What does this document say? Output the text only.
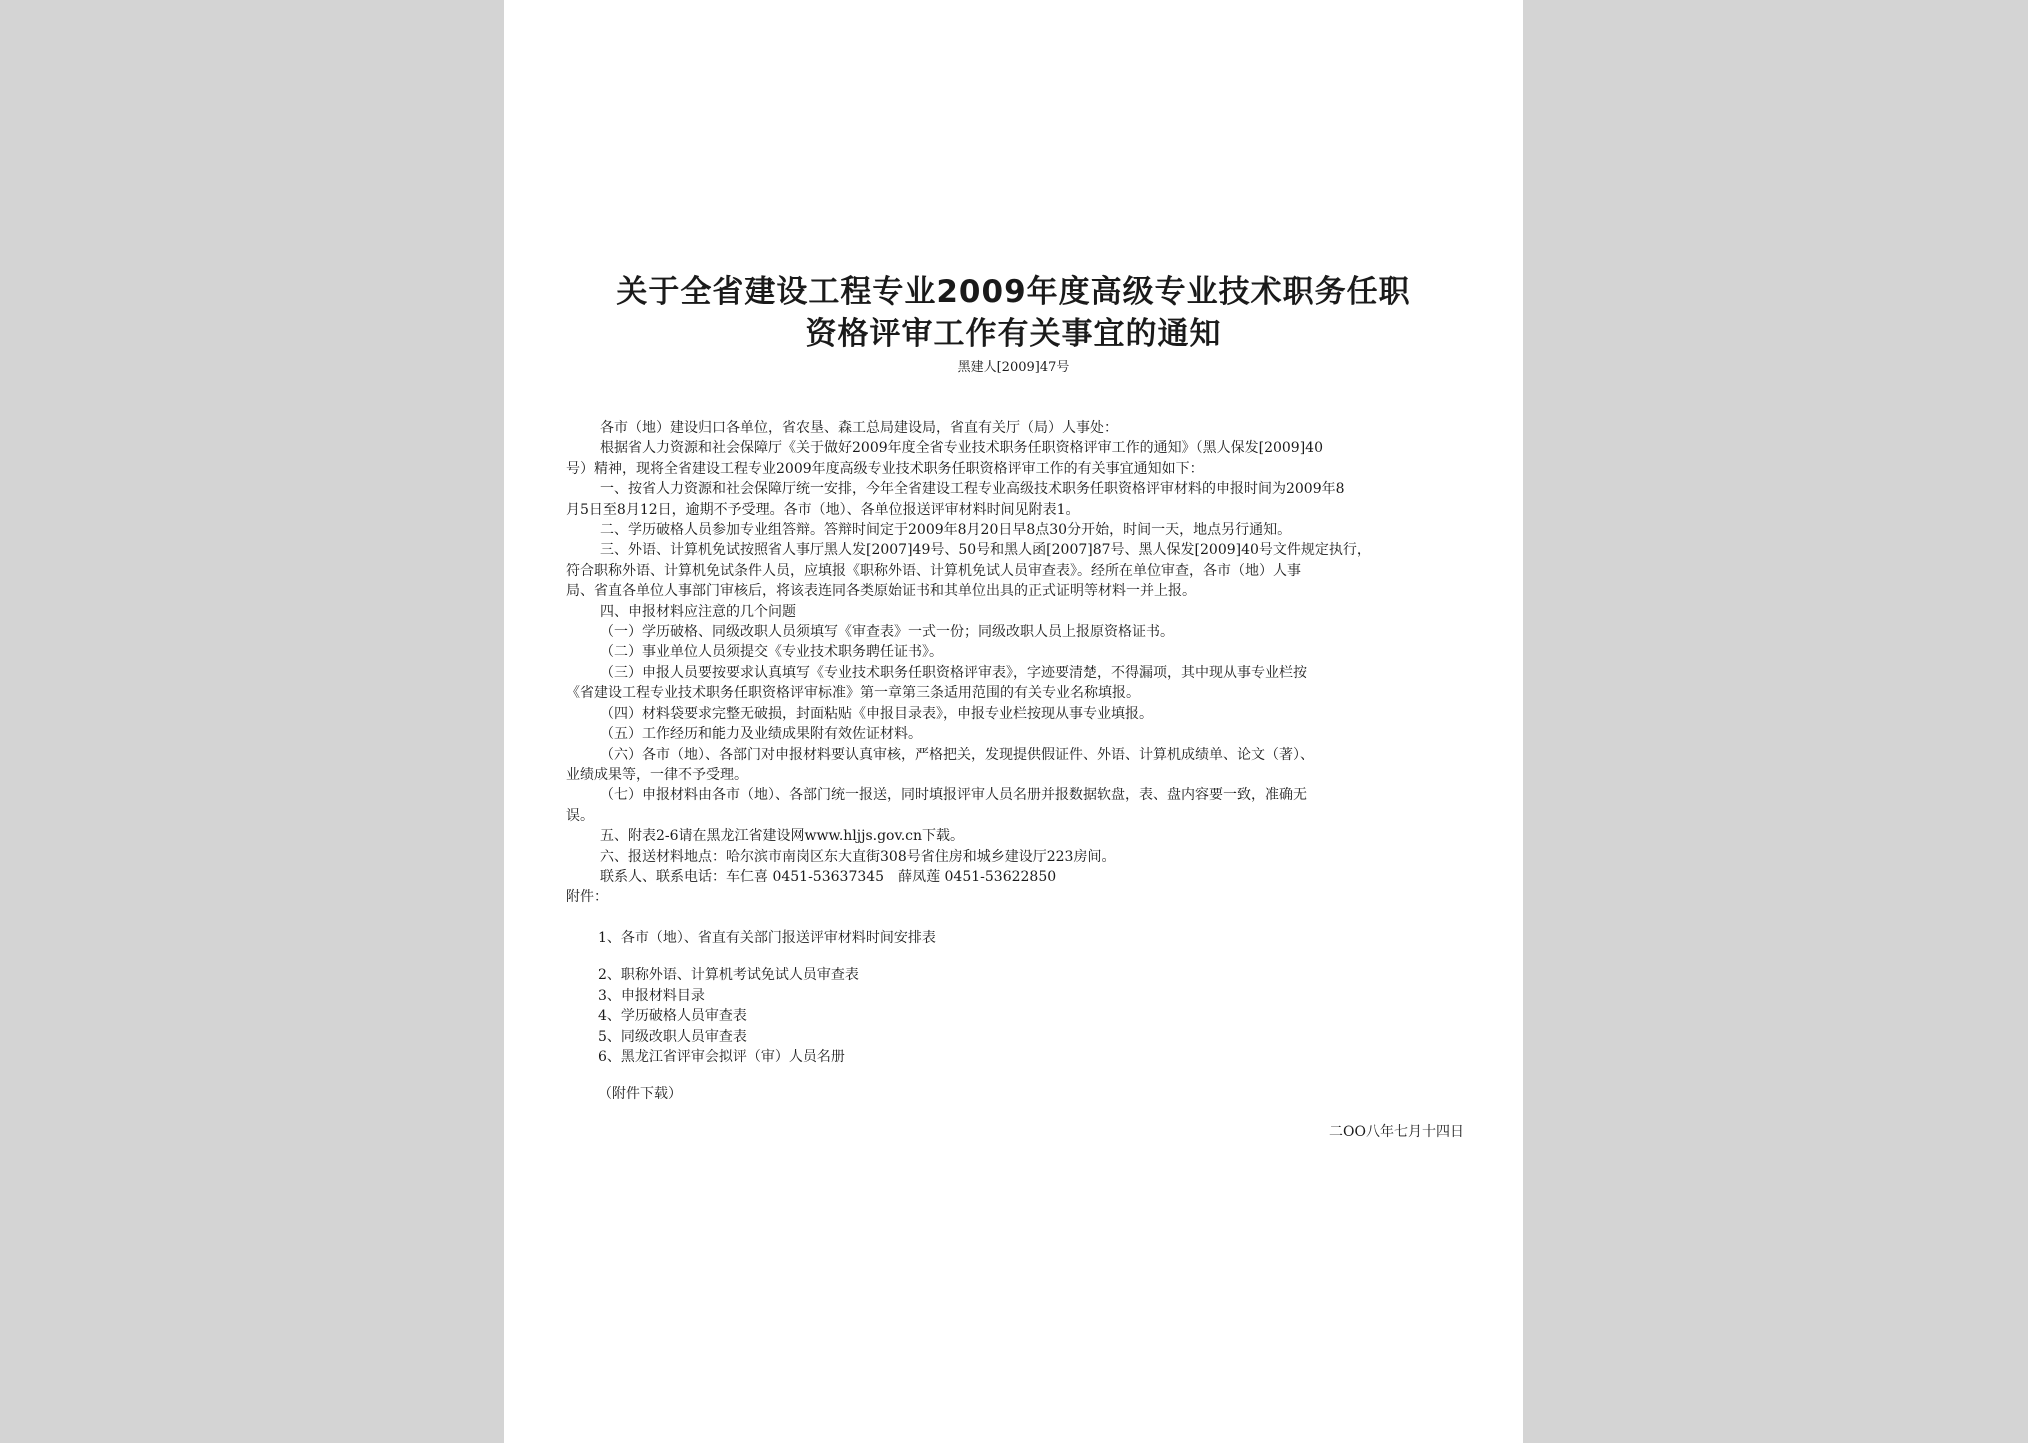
关于全省建设工程专业2009年度高级专业技术职务任职
资格评审工作有关事宜的通知
黑建人[2009]47号

各市（地）建设归口各单位，省农垦、森工总局建设局，省直有关厅（局）人事处：

根据省人力资源和社会保障厅《关于做好2009年度全省专业技术职务任职资格评审工作的通知》（黑人保发[2009]40

号）精神，现将全省建设工程专业2009年度高级专业技术职务任职资格评审工作的有关事宜通知如下：

一、按省人力资源和社会保障厅统一安排，今年全省建设工程专业高级技术职务任职资格评审材料的申报时间为2009年8

月5日至8月12日，逾期不予受理。各市（地）、各单位报送评审材料时间见附表1。

二、学历破格人员参加专业组答辩。答辩时间定于2009年8月20日早8点30分开始，时间一天，地点另行通知。

三、外语、计算机免试按照省人事厅黑人发[2007]49号、50号和黑人函[2007]87号、黑人保发[2009]40号文件规定执行，

符合职称外语、计算机免试条件人员，应填报《职称外语、计算机免试人员审查表》。经所在单位审查，各市（地）人事

局、省直各单位人事部门审核后，将该表连同各类原始证书和其单位出具的正式证明等材料一并上报。

四、申报材料应注意的几个问题

（一）学历破格、同级改职人员须填写《审查表》一式一份；同级改职人员上报原资格证书。

（二）事业单位人员须提交《专业技术职务聘任证书》。

（三）申报人员要按要求认真填写《专业技术职务任职资格评审表》，字迹要清楚，不得漏项，其中现从事专业栏按

《省建设工程专业技术职务任职资格评审标准》第一章第三条适用范围的有关专业名称填报。

（四）材料袋要求完整无破损，封面粘贴《申报目录表》，申报专业栏按现从事专业填报。

（五）工作经历和能力及业绩成果附有效佐证材料。

（六）各市（地）、各部门对申报材料要认真审核，严格把关，发现提供假证件、外语、计算机成绩单、论文（著）、

业绩成果等，一律不予受理。

（七）申报材料由各市（地）、各部门统一报送，同时填报评审人员名册并报数据软盘，表、盘内容要一致，准确无

误。

五、附表2-6请在黑龙江省建设网www.hljjs.gov.cn下载。

六、报送材料地点：哈尔滨市南岗区东大直街308号省住房和城乡建设厅223房间。

联系人、联系电话：车仁喜 0451-53637345　薛凤莲 0451-53622850

附件：

1、各市（地）、省直有关部门报送评审材料时间安排表

2、职称外语、计算机考试免试人员审查表

3、申报材料目录

4、学历破格人员审查表

5、同级改职人员审查表

6、黑龙江省评审会拟评（审）人员名册

（附件下载）

二OO八年七月十四日
